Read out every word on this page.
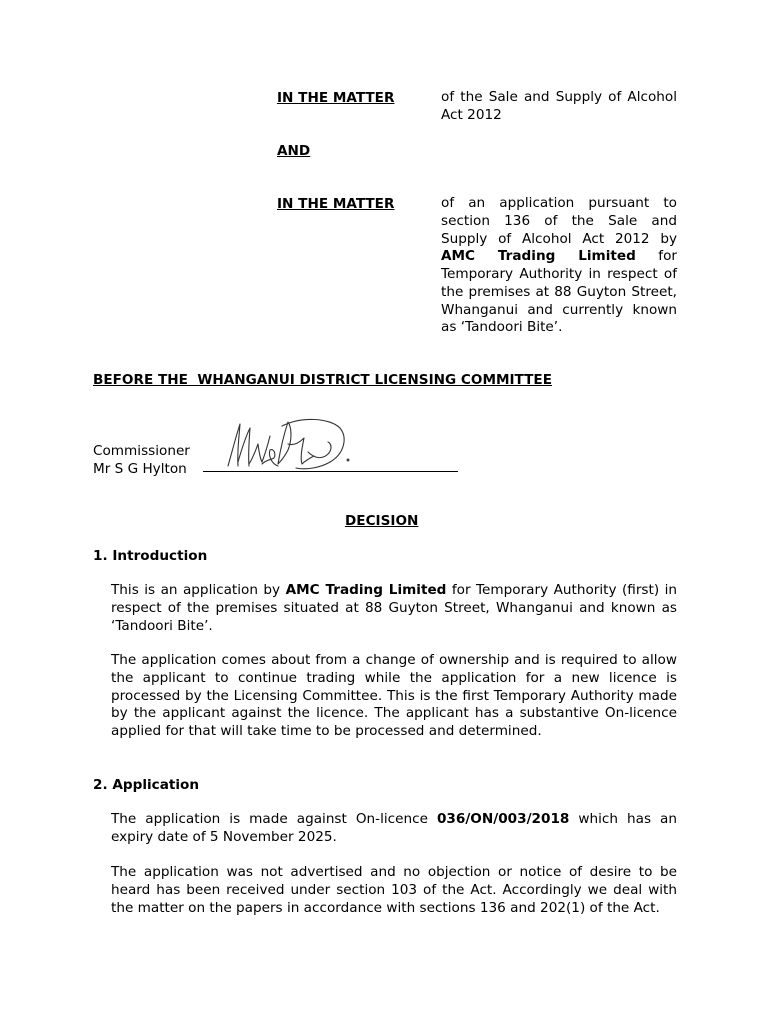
IN THE MATTER	of the Sale and Supply of Alcohol Act 2012
AND
IN THE MATTER	of an application pursuant to section 136 of the Sale and Supply of Alcohol Act 2012 by AMC Trading Limited for Temporary Authority in respect of the premises at 88 Guyton Street, Whanganui and currently known as ‘Tandoori Bite’.
BEFORE THE  WHANGANUI DISTRICT LICENSING COMMITTEE
Commissioner
Mr S G Hylton
DECISION
1. Introduction
This is an application by AMC Trading Limited for Temporary Authority (first) in respect of the premises situated at 88 Guyton Street, Whanganui and known as ‘Tandoori Bite’.
The application comes about from a change of ownership and is required to allow the applicant to continue trading while the application for a new licence is processed by the Licensing Committee. This is the first Temporary Authority made by the applicant against the licence. The applicant has a substantive On-licence applied for that will take time to be processed and determined.
2. Application
The application is made against On-licence 036/ON/003/2018 which has an expiry date of 5 November 2025.
The application was not advertised and no objection or notice of desire to be heard has been received under section 103 of the Act. Accordingly we deal with the matter on the papers in accordance with sections 136 and 202(1) of the Act.
